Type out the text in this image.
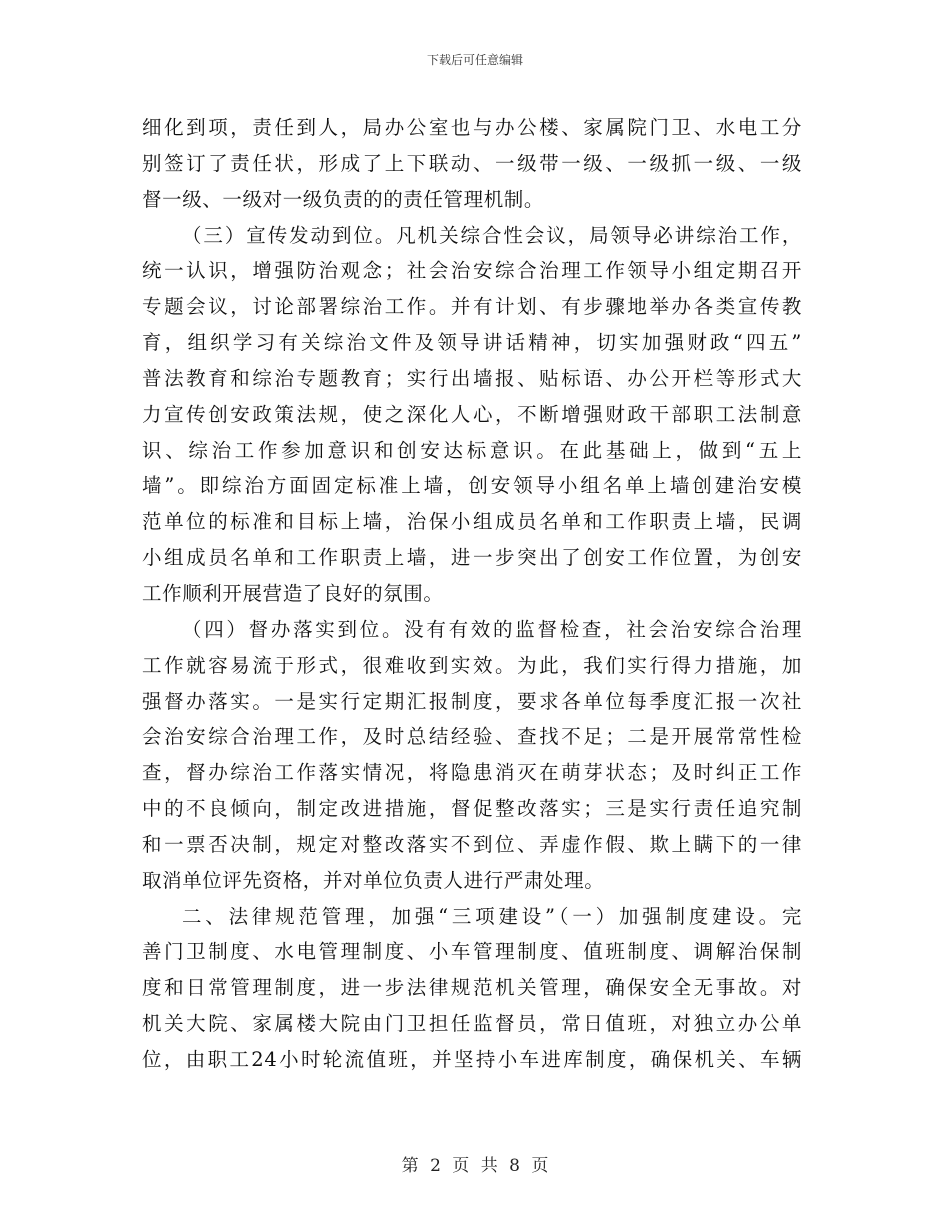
下载后可任意编辑
细化到项，责任到人，局办公室也与办公楼、家属院门卫、水电工分
别签订了责任状，形成了上下联动、一级带一级、一级抓一级、一级
督一级、一级对一级负责的的责任管理机制。
（三）宣传发动到位。凡机关综合性会议，局领导必讲综治工作，
统一认识，增强防治观念；社会治安综合治理工作领导小组定期召开
专题会议，讨论部署综治工作。并有计划、有步骤地举办各类宣传教
育，组织学习有关综治文件及领导讲话精神，切实加强财政“四五”
普法教育和综治专题教育；实行出墙报、贴标语、办公开栏等形式大
力宣传创安政策法规，使之深化人心，不断增强财政干部职工法制意
识、综治工作参加意识和创安达标意识。在此基础上，做到“五上
墙”。即综治方面固定标准上墙，创安领导小组名单上墙创建治安模
范单位的标准和目标上墙，治保小组成员名单和工作职责上墙，民调
小组成员名单和工作职责上墙，进一步突出了创安工作位置，为创安
工作顺利开展营造了良好的氛围。
（四）督办落实到位。没有有效的监督检查，社会治安综合治理
工作就容易流于形式，很难收到实效。为此，我们实行得力措施，加
强督办落实。一是实行定期汇报制度，要求各单位每季度汇报一次社
会治安综合治理工作，及时总结经验、查找不足；二是开展常常性检
查，督办综治工作落实情况，将隐患消灭在萌芽状态；及时纠正工作
中的不良倾向，制定改进措施，督促整改落实；三是实行责任追究制
和一票否决制，规定对整改落实不到位、弄虚作假、欺上瞒下的一律
取消单位评先资格，并对单位负责人进行严肃处理。
二、法律规范管理，加强“三项建设”（一）加强制度建设。完
善门卫制度、水电管理制度、小车管理制度、值班制度、调解治保制
度和日常管理制度，进一步法律规范机关管理，确保安全无事故。对
机关大院、家属楼大院由门卫担任监督员，常日值班，对独立办公单
位，由职工24小时轮流值班，并坚持小车进库制度，确保机关、车辆
第 2 页 共 8 页
